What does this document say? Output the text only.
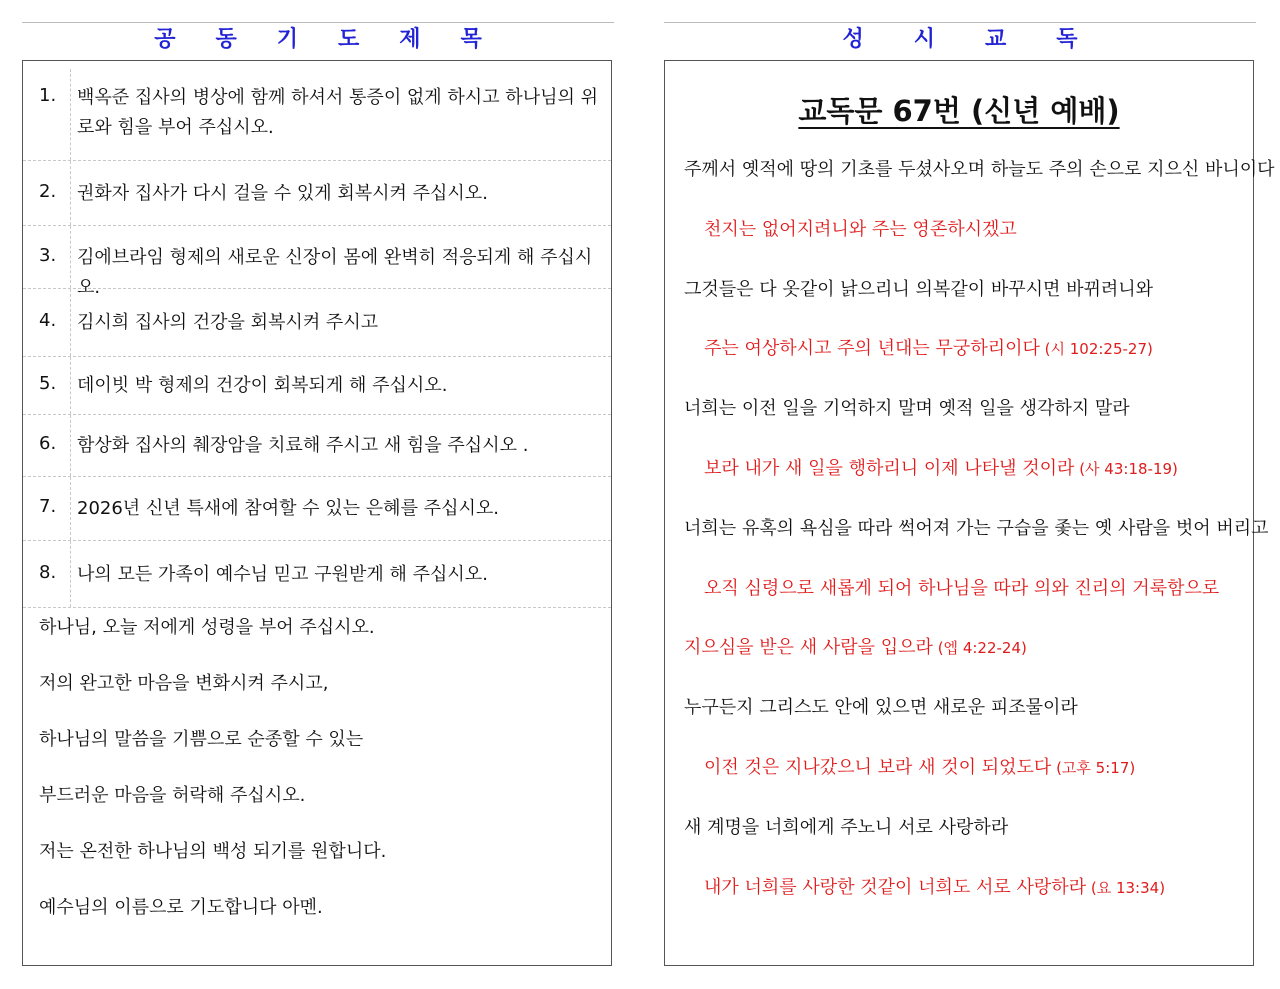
공 동 기 도 제 목
1. 백옥준 집사의 병상에 함께 하셔서 통증이 없게 하시고 하나님의 위로와 힘을 부어 주십시오.
2. 권화자 집사가 다시 걸을 수 있게 회복시켜 주십시오.
3. 김에브라임 형제의 새로운 신장이 몸에 완벽히 적응되게 해 주십시오.
4. 김시희 집사의 건강을 회복시켜 주시고
5. 데이빗 박 형제의 건강이 회복되게 해 주십시오.
6. 함상화 집사의 췌장암을 치료해 주시고 새 힘을 주십시오 .
7. 2026년 신년 특새에 참여할 수 있는 은혜를 주십시오.
8. 나의 모든 가족이 예수님 믿고 구원받게 해 주십시오.
하나님, 오늘 저에게 성령을 부어 주십시오.
저의 완고한 마음을 변화시켜 주시고,
하나님의 말씀을 기쁨으로 순종할 수 있는
부드러운 마음을 허락해 주십시오.
저는 온전한 하나님의 백성 되기를 원합니다.
예수님의 이름으로 기도합니다 아멘.
성 시 교 독
교독문 67번 (신년 예배)
주께서 옛적에 땅의 기초를 두셨사오며 하늘도 주의 손으로 지으신 바니이다
천지는 없어지려니와 주는 영존하시겠고
그것들은 다 옷같이 낡으리니 의복같이 바꾸시면 바뀌려니와
주는 여상하시고 주의 년대는 무궁하리이다 (시 102:25-27)
너희는 이전 일을 기억하지 말며 옛적 일을 생각하지 말라
보라 내가 새 일을 행하리니 이제 나타낼 것이라 (사 43:18-19)
너희는 유혹의 욕심을 따라 썩어져 가는 구습을 좇는 옛 사람을 벗어 버리고
오직 심령으로 새롭게 되어 하나님을 따라 의와 진리의 거룩함으로
지으심을 받은 새 사람을 입으라 (엡 4:22-24)
누구든지 그리스도 안에 있으면 새로운 피조물이라
이전 것은 지나갔으니 보라 새 것이 되었도다 (고후 5:17)
새 계명을 너희에게 주노니 서로 사랑하라
내가 너희를 사랑한 것같이 너희도 서로 사랑하라 (요 13:34)
